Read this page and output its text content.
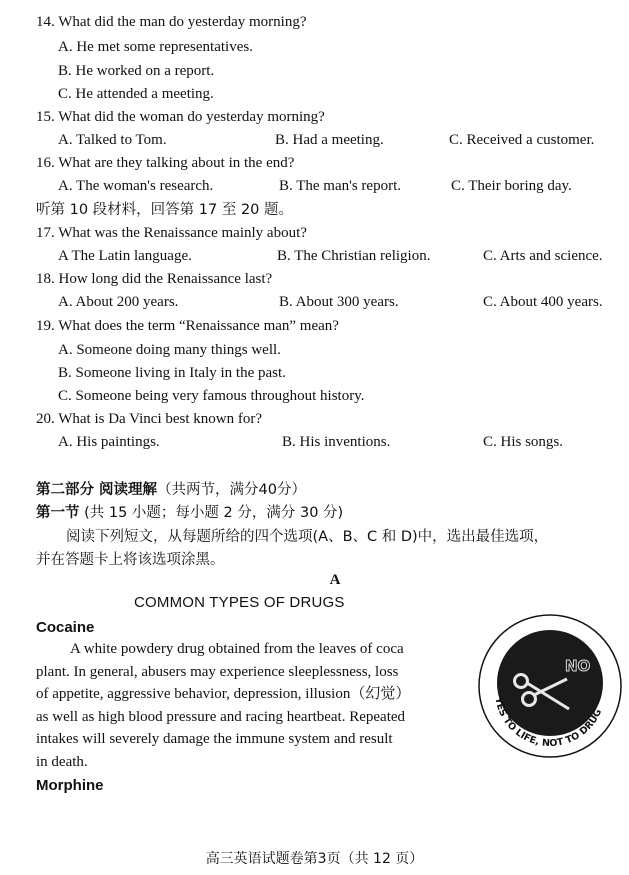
14. What did the man do yesterday morning?
A. He met some representatives.
B. He worked on a report.
C. He attended a meeting.
15. What did the woman do yesterday morning?
A. Talked to Tom.	B. Had a meeting.	C. Received a customer.
16. What are they talking about in the end?
A. The woman's research.	B. The man's report.	C. Their boring day.
听第 10 段材料，回答第 17 至 20 题。
17. What was the Renaissance mainly about?
A The Latin language.	B. The Christian religion.	C. Arts and science.
18. How long did the Renaissance last?
A. About 200 years.	B. About 300 years.	C. About 400 years.
19. What does the term “Renaissance man” mean?
A. Someone doing many things well.
B. Someone living in Italy in the past.
C. Someone being very famous throughout history.
20. What is Da Vinci best known for?
A. His paintings.	B. His inventions.	C. His songs.
第二部分 阅读理解（共两节，满分40分）
第一节 (共 15 小题；每小题 2 分，满分 30 分)
阅读下列短文，从每题所给的四个选项(A、B、C 和 D)中，选出最佳选项，
并在答题卡上将该选项涂黑。
A
COMMON TYPES OF DRUGS
Cocaine

A white powdery drug obtained from the leaves of coca

plant. In general, abusers may experience sleeplessness, loss

of appetite, aggressive behavior, depression, illusion（幻觉）

as well as high blood pressure and racing heartbeat. Repeated

intakes will severely damage the immune system and result

in death.

Morphine
NO
YES TO LIFE, NOT TO DRUG
高三英语试题卷第3页（共 12 页）
